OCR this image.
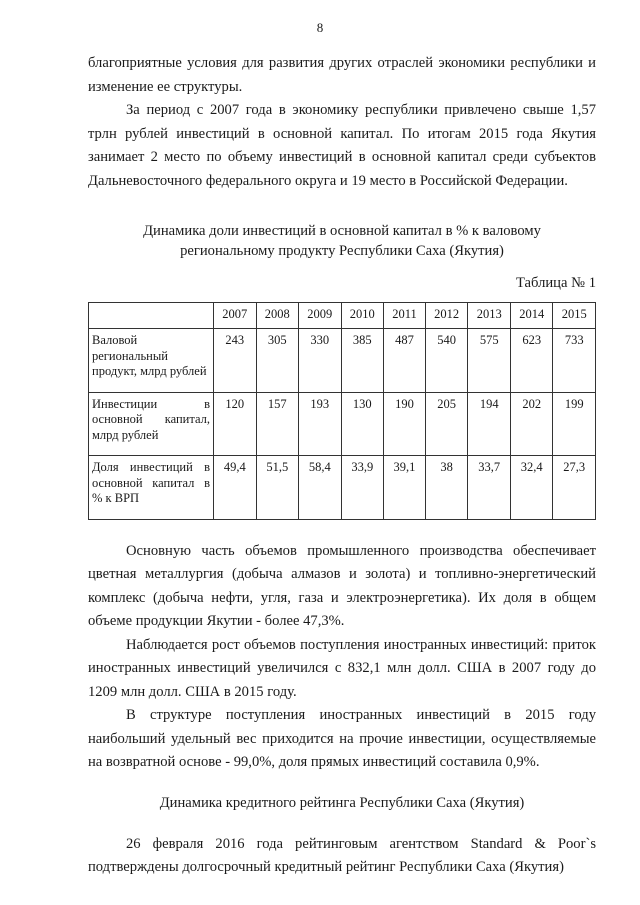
8

благоприятные условия для развития других отраслей экономики республики и изменение ее структуры.

За период с 2007 года в экономику республики привлечено свыше 1,57 трлн рублей инвестиций в основной капитал. По итогам 2015 года Якутия занимает 2 место по объему инвестиций в основной капитал среди субъектов Дальневосточного федерального округа и 19 место в Российской Федерации.

Динамика доли инвестиций в основной капитал в % к валовому
региональному продукту Республики Саха (Якутия)

Таблица № 1

	2007	2008	2009	2010	2011	2012	2013	2014	2015
Валовой региональный продукт, млрд рублей	243	305	330	385	487	540	575	623	733
Инвестиции в основной капитал, млрд рублей	120	157	193	130	190	205	194	202	199
Доля инвестиций в основной капитал в % к ВРП	49,4	51,5	58,4	33,9	39,1	38	33,7	32,4	27,3

Основную часть объемов промышленного производства обеспечивает цветная металлургия (добыча алмазов и золота) и топливно-энергетический комплекс (добыча нефти, угля, газа и электроэнергетика). Их доля в общем объеме продукции Якутии - более 47,3%.

Наблюдается рост объемов поступления иностранных инвестиций: приток иностранных инвестиций увеличился с 832,1 млн долл. США в 2007 году до 1209 млн долл. США в 2015 году.

В структуре поступления иностранных инвестиций в 2015 году наибольший удельный вес приходится на прочие инвестиции, осуществляемые на возвратной основе - 99,0%, доля прямых инвестиций составила 0,9%.

Динамика кредитного рейтинга Республики Саха (Якутия)

26 февраля 2016 года рейтинговым агентством Standard & Poor`s подтверждены долгосрочный кредитный рейтинг Республики Саха (Якутия)
